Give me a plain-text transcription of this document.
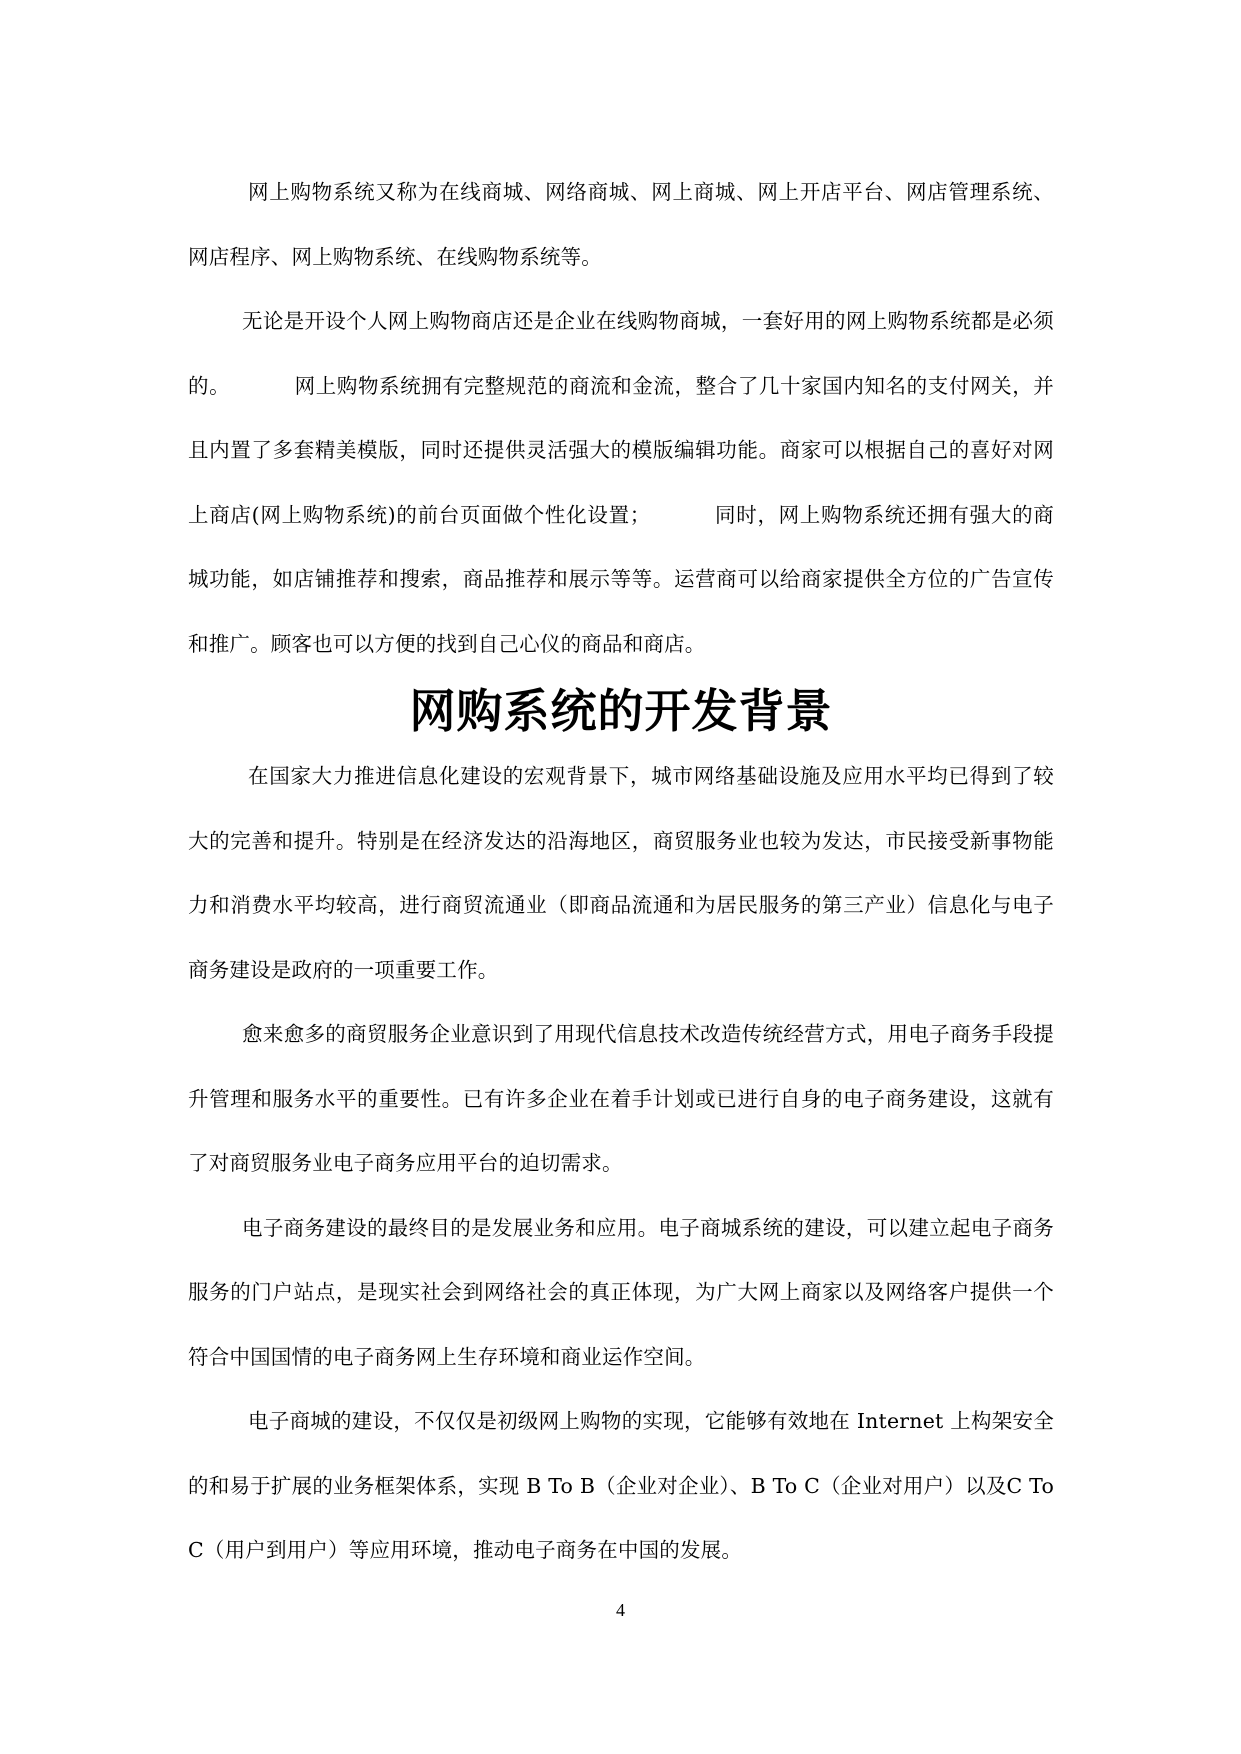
网上购物系统又称为在线商城、网络商城、网上商城、网上开店平台、网店管理系统、网店程序、网上购物系统、在线购物系统等。

无论是开设个人网上购物商店还是企业在线购物商城，一套好用的网上购物系统都是必须的。	网上购物系统拥有完整规范的商流和金流，整合了几十家国内知名的支付网关，并且内置了多套精美模版，同时还提供灵活强大的模版编辑功能。商家可以根据自己的喜好对网上商店(网上购物系统)的前台页面做个性化设置；	同时，网上购物系统还拥有强大的商城功能，如店铺推荐和搜索，商品推荐和展示等等。运营商可以给商家提供全方位的广告宣传和推广。顾客也可以方便的找到自己心仪的商品和商店。

网购系统的开发背景

在国家大力推进信息化建设的宏观背景下，城市网络基础设施及应用水平均已得到了较大的完善和提升。特别是在经济发达的沿海地区，商贸服务业也较为发达，市民接受新事物能力和消费水平均较高，进行商贸流通业（即商品流通和为居民服务的第三产业）信息化与电子商务建设是政府的一项重要工作。

愈来愈多的商贸服务企业意识到了用现代信息技术改造传统经营方式，用电子商务手段提升管理和服务水平的重要性。已有许多企业在着手计划或已进行自身的电子商务建设，这就有了对商贸服务业电子商务应用平台的迫切需求。

电子商务建设的最终目的是发展业务和应用。电子商城系统的建设，可以建立起电子商务服务的门户站点，是现实社会到网络社会的真正体现，为广大网上商家以及网络客户提供一个符合中国国情的电子商务网上生存环境和商业运作空间。

电子商城的建设，不仅仅是初级网上购物的实现，它能够有效地在 Internet 上构架安全的和易于扩展的业务框架体系，实现 B To B（企业对企业）、B To C（企业对用户）以及C To C（用户到用户）等应用环境，推动电子商务在中国的发展。

4
